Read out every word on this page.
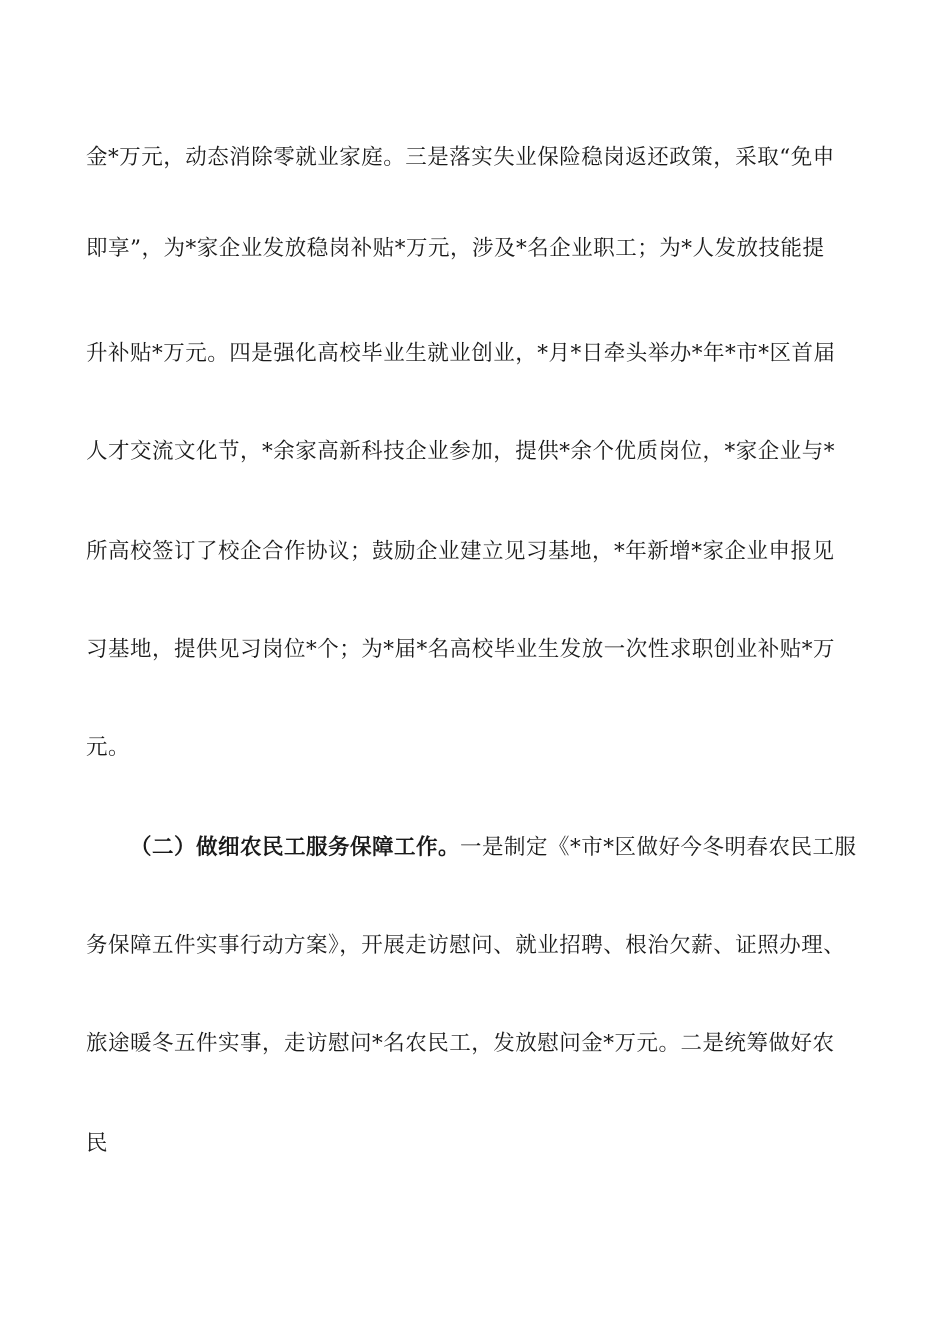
金*万元，动态消除零就业家庭。三是落实失业保险稳岗返还政策，采取“免申
即享”，为*家企业发放稳岗补贴*万元，涉及*名企业职工；为*人发放技能提
升补贴*万元。四是强化高校毕业生就业创业，*月*日牵头举办*年*市*区首届
人才交流文化节，*余家高新科技企业参加，提供*余个优质岗位，*家企业与*
所高校签订了校企合作协议；鼓励企业建立见习基地，*年新增*家企业申报见
习基地，提供见习岗位*个；为*届*名高校毕业生发放一次性求职创业补贴*万
元。
（二）做细农民工服务保障工作。一是制定《*市*区做好今冬明春农民工服
务保障五件实事行动方案》，开展走访慰问、就业招聘、根治欠薪、证照办理、
旅途暖冬五件实事，走访慰问*名农民工，发放慰问金*万元。二是统筹做好农
民
